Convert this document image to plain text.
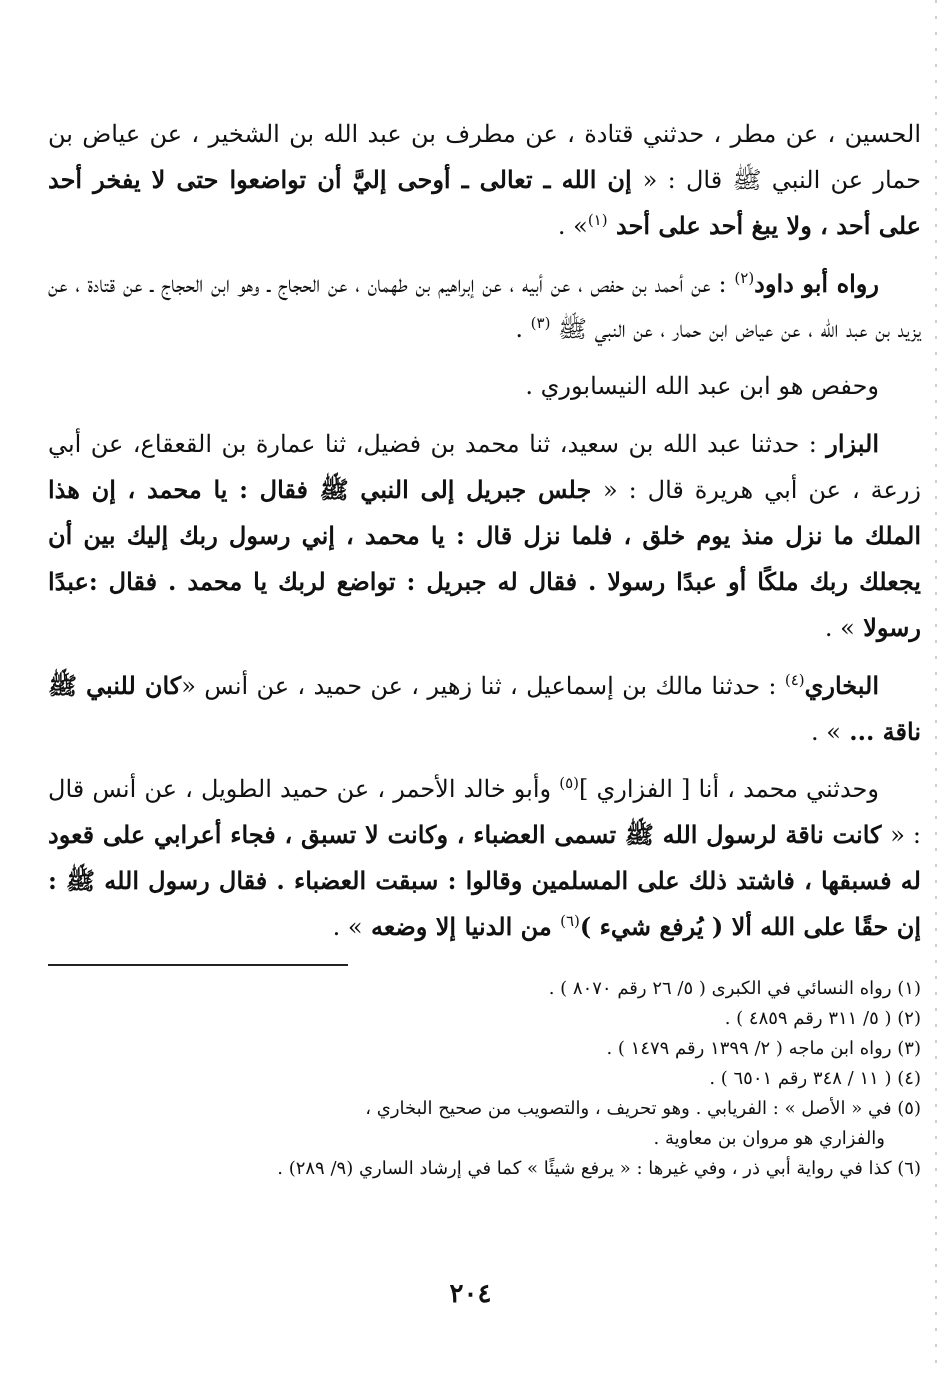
الحسين ، عن مطر ، حدثني قتادة ، عن مطرف بن عبد الله بن الشخير ، عن عياض بن حمار عن النبي ﷺ قال : « إن الله ـ تعالى ـ أوحى إليَّ أن تواضعوا حتى لا يفخر أحد على أحد ، ولا يبغ أحد على أحد $^{(١)}$» .

رواه أبو داود$^{(٢)}$ : عن أحمد بن حفص ، عن أبيه ، عن إبراهيم بن طهمان ، عن الحجاج ـ وهو ابن الحجاج ـ عن قتادة ، عن يزيد بن عبد الله ، عن عياض ابن حمار ، عن النبي ﷺ $^{(٣)}$ .

وحفص هو ابن عبد الله النيسابوري .

البزار : حدثنا عبد الله بن سعيد، ثنا محمد بن فضيل، ثنا عمارة بن القعقاع، عن أبي زرعة ، عن أبي هريرة قال : « جلس جبريل إلى النبي ﷺ فقال : يا محمد ، إن هذا الملك ما نزل منذ يوم خلق ، فلما نزل قال : يا محمد ، إني رسول ربك إليك بين أن يجعلك ربك ملكًا أو عبدًا رسولا . فقال له جبريل : تواضع لربك يا محمد . فقال :عبدًا رسولا » .

البخاري$^{(٤)}$ : حدثنا مالك بن إسماعيل ، ثنا زهير ، عن حميد ، عن أنس «كان للنبي ﷺ ناقة ... » .

وحدثني محمد ، أنا [ الفزاري ]$^{(٥)}$ وأبو خالد الأحمر ، عن حميد الطويل ، عن أنس قال : « كانت ناقة لرسول الله ﷺ تسمى العضباء ، وكانت لا تسبق ، فجاء أعرابي على قعود له فسبقها ، فاشتد ذلك على المسلمين وقالوا : سبقت العضباء . فقال رسول الله ﷺ : إن حقًا على الله ألا ( يُرفع شيء )$^{(٦)}$ من الدنيا إلا وضعه » .

(١) رواه النسائي في الكبرى ( ٥/ ٢٦ رقم ٨٠٧٠ ) .

(٢) ( ٥/ ٣١١ رقم ٤٨٥٩ ) .

(٣) رواه ابن ماجه ( ٢/ ١٣٩٩ رقم ١٤٧٩ ) .

(٤) ( ١١ / ٣٤٨ رقم ٦٥٠١ ) .

(٥) في « الأصل » : الفريابي . وهو تحريف ، والتصويب من صحيح البخاري ،

والفزاري هو مروان بن معاوية .

(٦) كذا في رواية أبي ذر ، وفي غيرها : « يرفع شيئًا » كما في إرشاد الساري (٩/ ٢٨٩) .

٢٠٤
